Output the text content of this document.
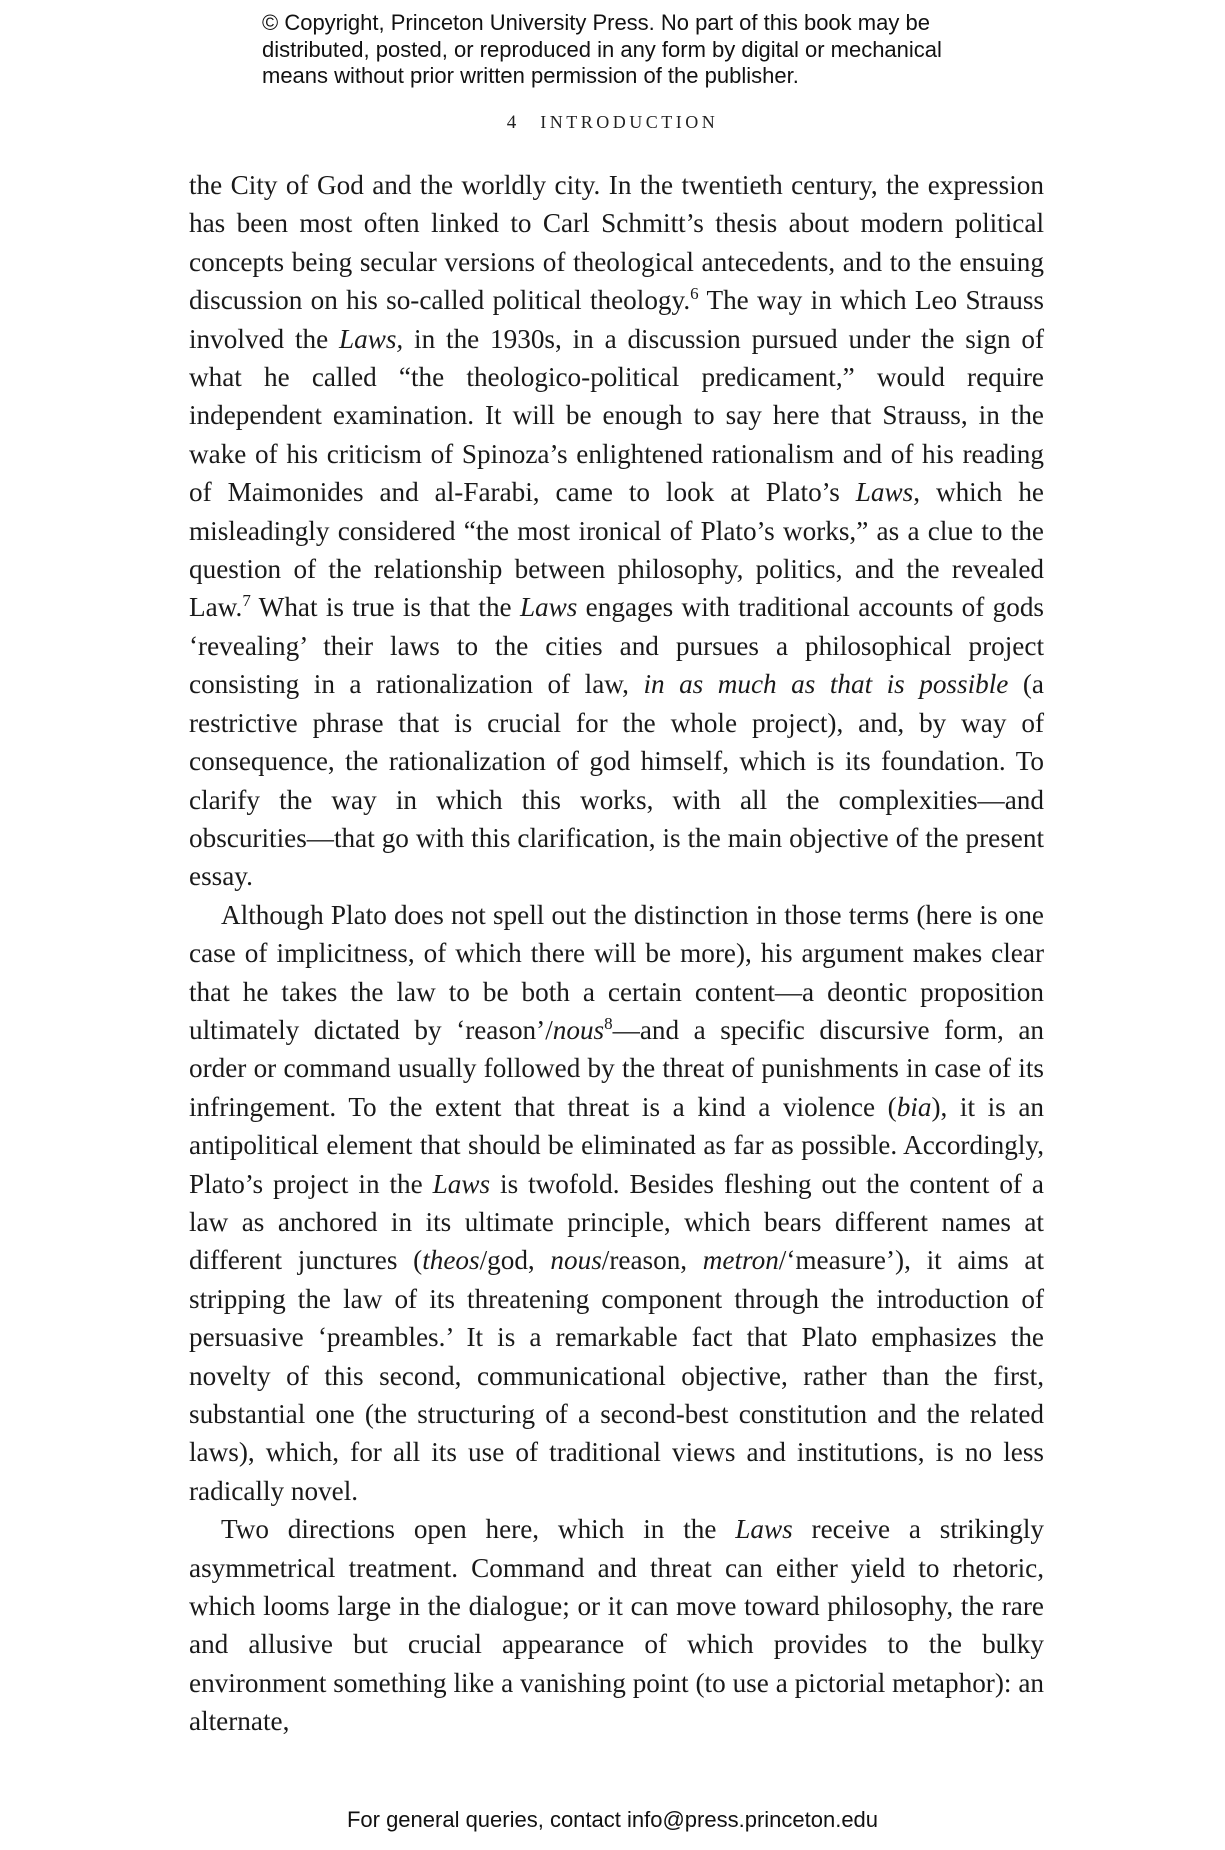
© Copyright, Princeton University Press. No part of this book may be
distributed, posted, or reproduced in any form by digital or mechanical
means without prior written permission of the publisher.
4 INTRODUCTION

the City of God and the worldly city. In the twentieth century, the expression has been most often linked to Carl Schmitt’s thesis about modern political concepts being secular versions of theological antecedents, and to the ensuing discussion on his so-called political theology.$^6$ The way in which Leo Strauss involved the Laws, in the 1930s, in a discussion pursued under the sign of what he called “the theologico-political predicament,” would require independent examination. It will be enough to say here that Strauss, in the wake of his criticism of Spinoza’s enlightened rationalism and of his reading of Maimonides and al-Farabi, came to look at Plato’s Laws, which he misleadingly considered “the most ironical of Plato’s works,” as a clue to the question of the relationship between philosophy, politics, and the revealed Law.$^7$ What is true is that the Laws engages with traditional accounts of gods ‘revealing’ their laws to the cities and pursues a philosophical project consisting in a rationalization of law, in as much as that is possible (a restrictive phrase that is crucial for the whole project), and, by way of consequence, the rationalization of god himself, which is its foundation. To clarify the way in which this works, with all the complexities—and obscurities—that go with this clarification, is the main objective of the present essay.

Although Plato does not spell out the distinction in those terms (here is one case of implicitness, of which there will be more), his argument makes clear that he takes the law to be both a certain content—a deontic proposition ultimately dictated by ‘reason’/nous$^8$—and a specific discursive form, an order or command usually followed by the threat of punishments in case of its infringement. To the extent that threat is a kind a violence (bia), it is an antipolitical element that should be eliminated as far as possible. Accordingly, Plato’s project in the Laws is twofold. Besides fleshing out the content of a law as anchored in its ultimate principle, which bears different names at different junctures (theos/god, nous/reason, metron/‘measure’), it aims at stripping the law of its threatening component through the introduction of persuasive ‘preambles.’ It is a remarkable fact that Plato emphasizes the novelty of this second, communicational objective, rather than the first, substantial one (the structuring of a second-best constitution and the related laws), which, for all its use of traditional views and institutions, is no less radically novel.

Two directions open here, which in the Laws receive a strikingly asymmetrical treatment. Command and threat can either yield to rhetoric, which looms large in the dialogue; or it can move toward philosophy, the rare and allusive but crucial appearance of which provides to the bulky environment something like a vanishing point (to use a pictorial metaphor): an alternate,

For general queries, contact info@press.princeton.edu
